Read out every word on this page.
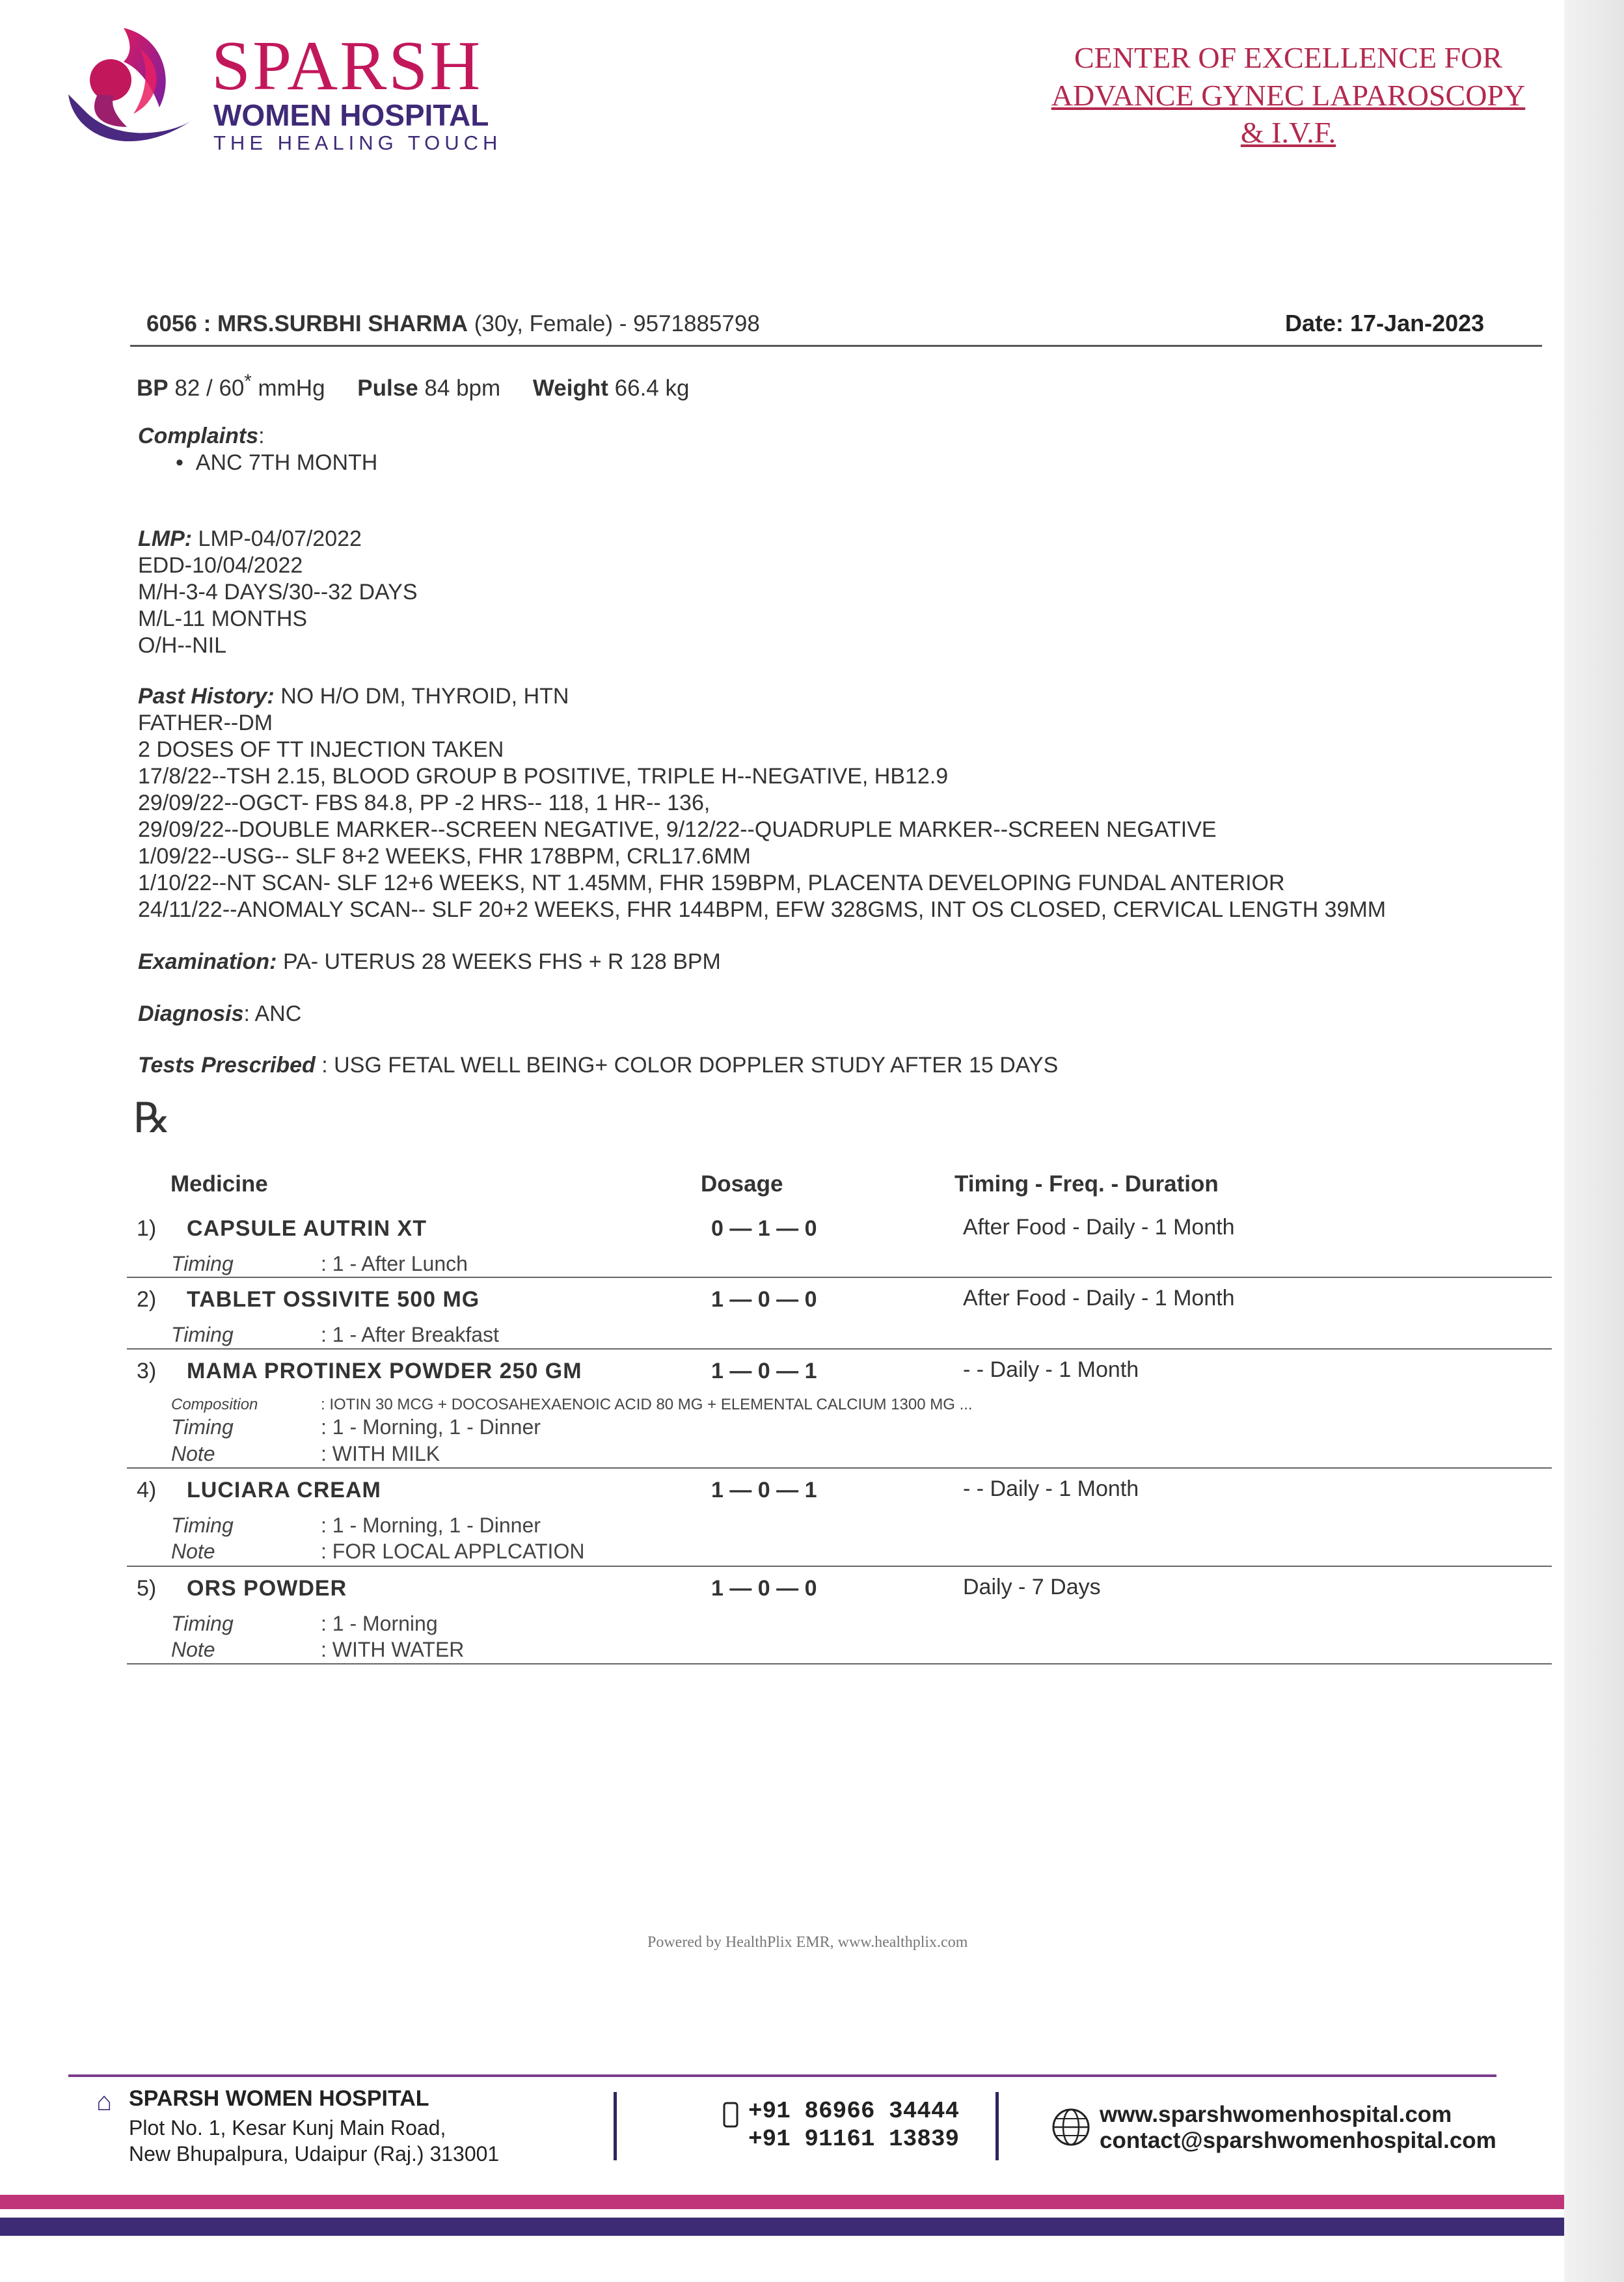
SPARSH
WOMEN HOSPITAL
THE HEALING TOUCH
CENTER OF EXCELLENCE FOR
ADVANCE GYNEC LAPAROSCOPY
& I.V.F.
6056 : MRS.SURBHI SHARMA (30y, Female) - 9571885798	Date: 17-Jan-2023
BP 82 / 60* mmHg Pulse 84 bpm Weight 66.4 kg
Complaints:
•  ANC 7TH MONTH
LMP: LMP-04/07/2022
EDD-10/04/2022
M/H-3-4 DAYS/30--32 DAYS
M/L-11 MONTHS
O/H--NIL
Past History: NO H/O DM, THYROID, HTN
FATHER--DM
2 DOSES OF TT INJECTION TAKEN
17/8/22--TSH 2.15, BLOOD GROUP B POSITIVE, TRIPLE H--NEGATIVE, HB12.9
29/09/22--OGCT- FBS 84.8, PP -2 HRS-- 118, 1 HR-- 136,
29/09/22--DOUBLE MARKER--SCREEN NEGATIVE, 9/12/22--QUADRUPLE MARKER--SCREEN NEGATIVE
1/09/22--USG-- SLF 8+2 WEEKS, FHR 178BPM, CRL17.6MM
1/10/22--NT SCAN- SLF 12+6 WEEKS, NT 1.45MM, FHR 159BPM, PLACENTA DEVELOPING FUNDAL ANTERIOR
24/11/22--ANOMALY SCAN-- SLF 20+2 WEEKS, FHR 144BPM, EFW 328GMS, INT OS CLOSED, CERVICAL LENGTH 39MM
Examination: PA- UTERUS 28 WEEKS FHS + R 128 BPM
Diagnosis: ANC
Tests Prescribed : USG FETAL WELL BEING+ COLOR DOPPLER STUDY AFTER 15 DAYS
℞
Medicine	Dosage	Timing - Freq. - Duration
1) CAPSULE AUTRIN XT	0 — 1 — 0	After Food - Daily - 1 Month
Timing	: 1 - After Lunch
2) TABLET OSSIVITE 500 MG	1 — 0 — 0	After Food - Daily - 1 Month
Timing	: 1 - After Breakfast
3) MAMA PROTINEX POWDER 250 GM	1 — 0 — 1	- - Daily - 1 Month
Composition	: IOTIN 30 MCG + DOCOSAHEXAENOIC ACID 80 MG + ELEMENTAL CALCIUM 1300 MG ...
Timing	: 1 - Morning, 1 - Dinner
Note	: WITH MILK
4) LUCIARA CREAM	1 — 0 — 1	- - Daily - 1 Month
Timing	: 1 - Morning, 1 - Dinner
Note	: FOR LOCAL APPLCATION
5) ORS POWDER	1 — 0 — 0	Daily - 7 Days
Timing	: 1 - Morning
Note	: WITH WATER
Powered by HealthPlix EMR, www.healthplix.com
⌂ SPARSH WOMEN HOSPITAL
Plot No. 1, Kesar Kunj Main Road,
New Bhupalpura, Udaipur (Raj.) 313001
+91 86966 34444
+91 91161 13839
www.sparshwomenhospital.com
contact@sparshwomenhospital.com
